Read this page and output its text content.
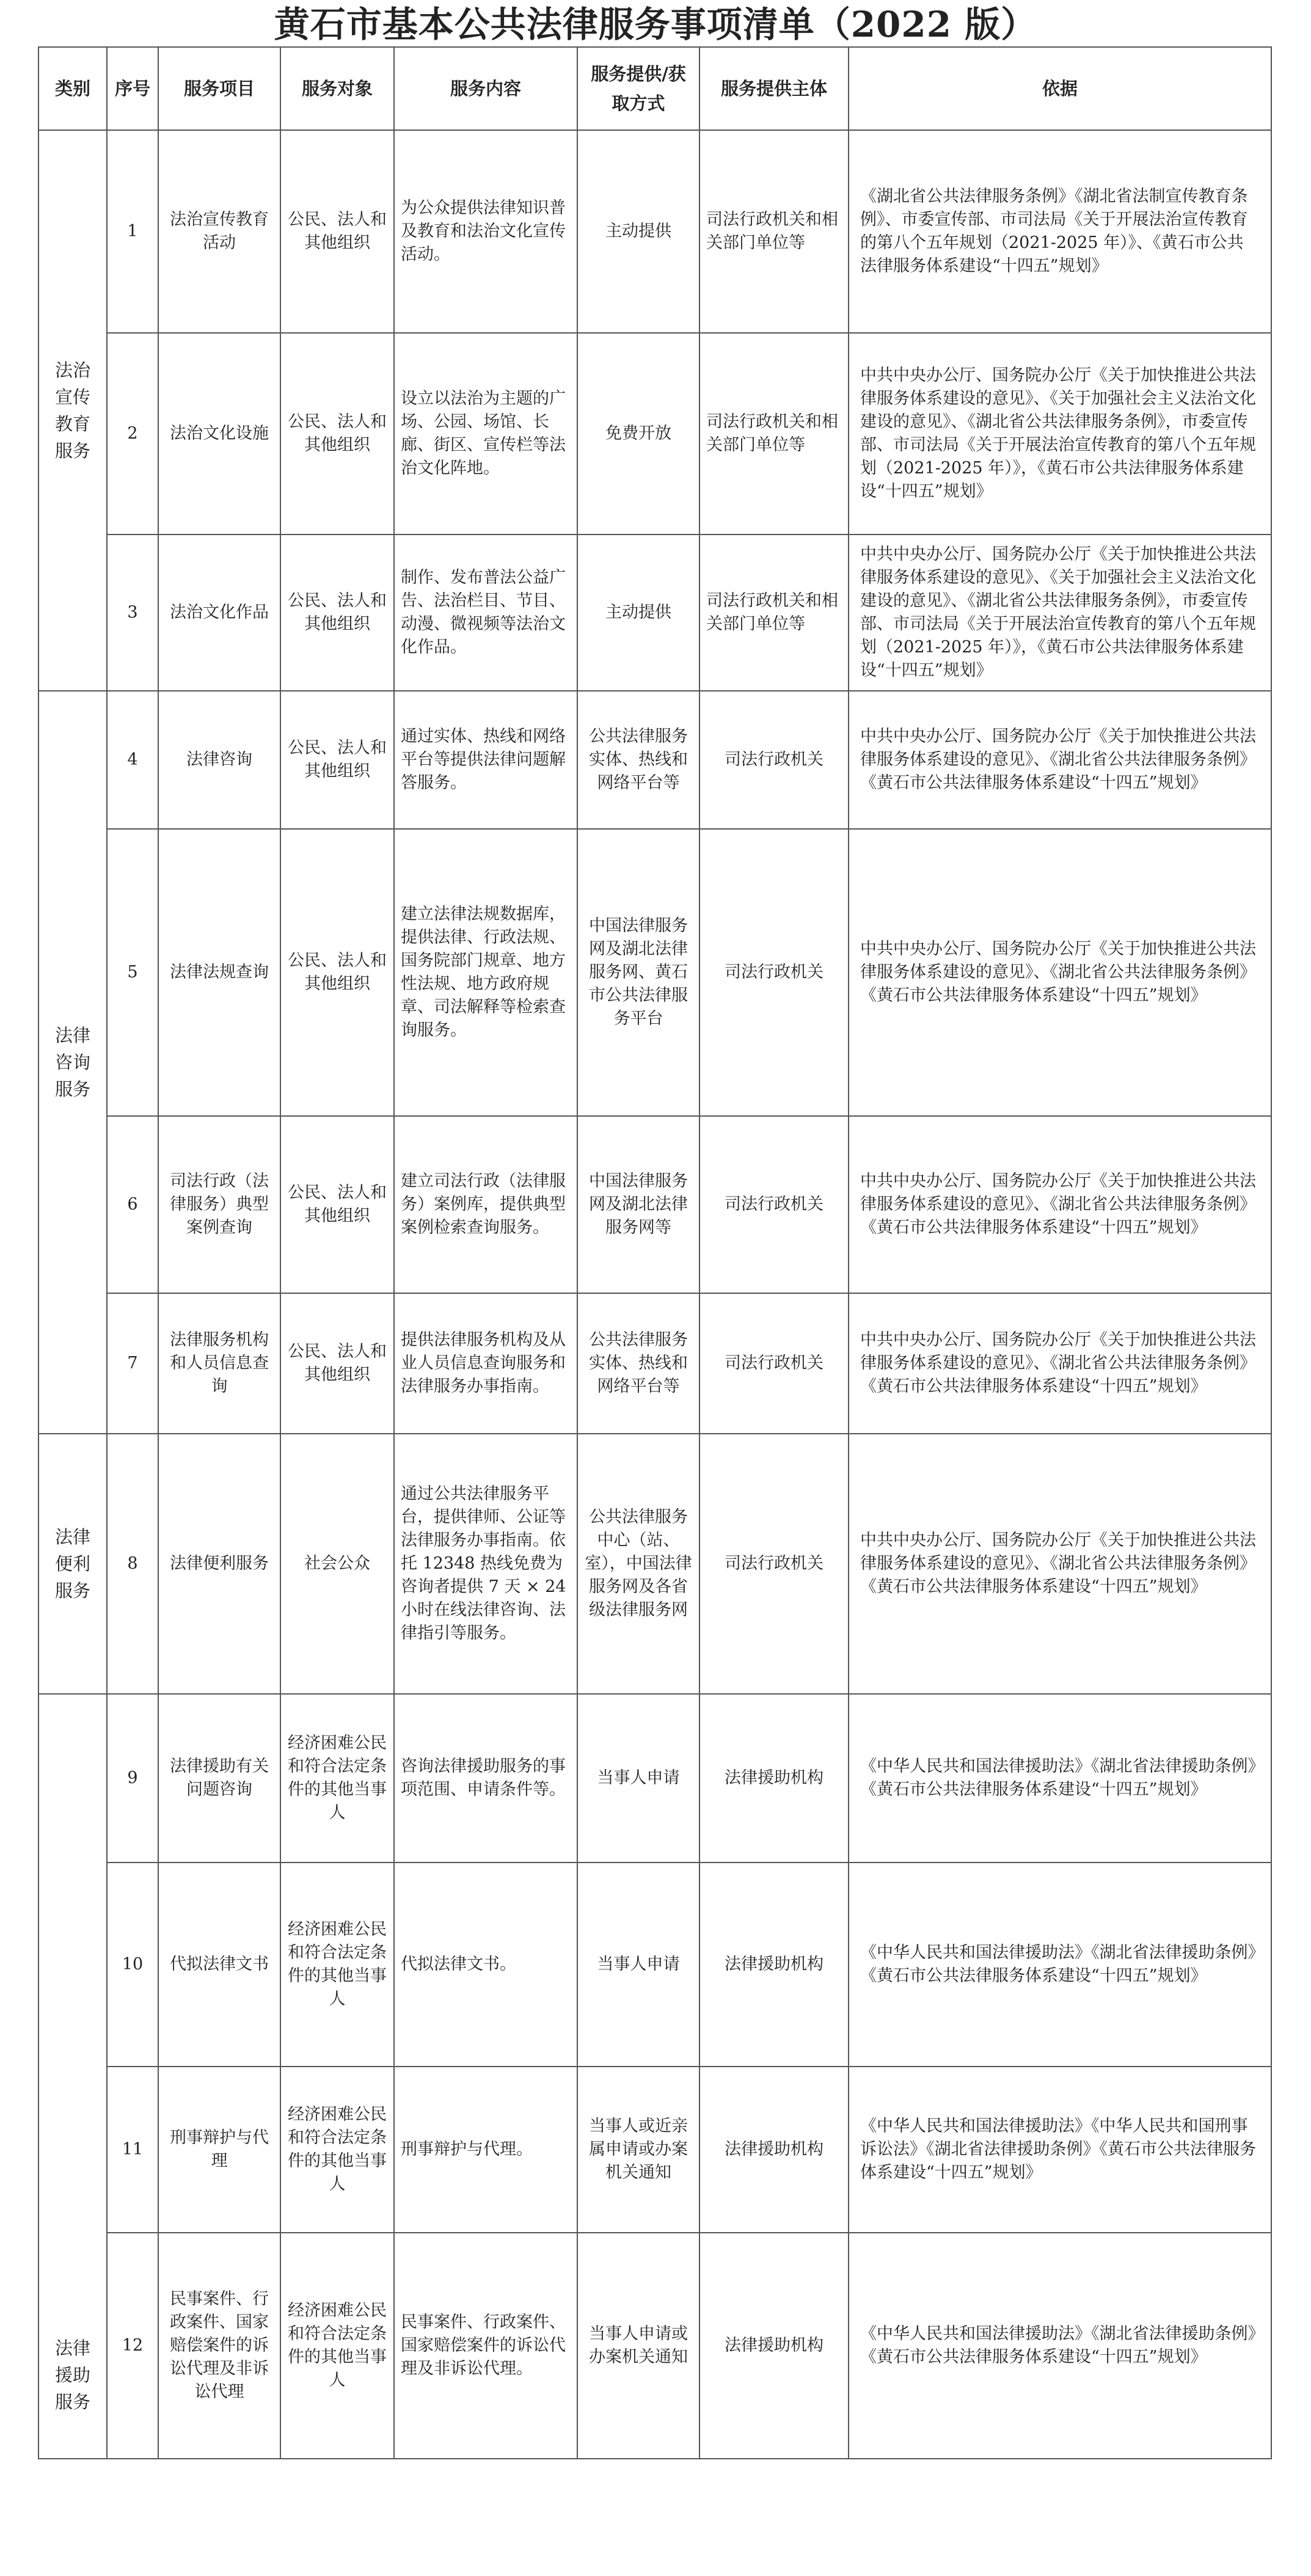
黄石市基本公共法律服务事项清单（2022 版）
类别	序号	服务项目	服务对象	服务内容	服务提供/获取方式	服务提供主体	依据
法治宣传教育服务	1	法治宣传教育活动	公民、法人和其他组织	为公众提供法律知识普及教育和法治文化宣传活动。	主动提供	司法行政机关和相关部门单位等	《湖北省公共法律服务条例》《湖北省法制宣传教育条例》、市委宣传部、市司法局《关于开展法治宣传教育的第八个五年规划（2021-2025 年）》、《黄石市公共法律服务体系建设“十四五”规划》
	2	法治文化设施	公民、法人和其他组织	设立以法治为主题的广场、公园、场馆、长廊、街区、宣传栏等法治文化阵地。	免费开放	司法行政机关和相关部门单位等	中共中央办公厅、国务院办公厅《关于加快推进公共法律服务体系建设的意见》、《关于加强社会主义法治文化建设的意见》、《湖北省公共法律服务条例》，市委宣传部、市司法局《关于开展法治宣传教育的第八个五年规划（2021-2025 年）》，《黄石市公共法律服务体系建设“十四五”规划》
	3	法治文化作品	公民、法人和其他组织	制作、发布普法公益广告、法治栏目、节目、动漫、微视频等法治文化作品。	主动提供	司法行政机关和相关部门单位等	中共中央办公厅、国务院办公厅《关于加快推进公共法律服务体系建设的意见》、《关于加强社会主义法治文化建设的意见》、《湖北省公共法律服务条例》，市委宣传部、市司法局《关于开展法治宣传教育的第八个五年规划（2021-2025 年）》，《黄石市公共法律服务体系建设“十四五”规划》
法律咨询服务	4	法律咨询	公民、法人和其他组织	通过实体、热线和网络平台等提供法律问题解答服务。	公共法律服务实体、热线和网络平台等	司法行政机关	中共中央办公厅、国务院办公厅《关于加快推进公共法律服务体系建设的意见》、《湖北省公共法律服务条例》《黄石市公共法律服务体系建设“十四五”规划》
	5	法律法规查询	公民、法人和其他组织	建立法律法规数据库，提供法律、行政法规、国务院部门规章、地方性法规、地方政府规章、司法解释等检索查询服务。	中国法律服务网及湖北法律服务网、黄石市公共法律服务平台	司法行政机关	中共中央办公厅、国务院办公厅《关于加快推进公共法律服务体系建设的意见》、《湖北省公共法律服务条例》《黄石市公共法律服务体系建设“十四五”规划》
	6	司法行政（法律服务）典型案例查询	公民、法人和其他组织	建立司法行政（法律服务）案例库，提供典型案例检索查询服务。	中国法律服务网及湖北法律服务网等	司法行政机关	中共中央办公厅、国务院办公厅《关于加快推进公共法律服务体系建设的意见》、《湖北省公共法律服务条例》《黄石市公共法律服务体系建设“十四五”规划》
	7	法律服务机构和人员信息查询	公民、法人和其他组织	提供法律服务机构及从业人员信息查询服务和法律服务办事指南。	公共法律服务实体、热线和网络平台等	司法行政机关	中共中央办公厅、国务院办公厅《关于加快推进公共法律服务体系建设的意见》、《湖北省公共法律服务条例》《黄石市公共法律服务体系建设“十四五”规划》
法律便利服务	8	法律便利服务	社会公众	通过公共法律服务平台，提供律师、公证等法律服务办事指南。依托 12348 热线免费为咨询者提供 7 天 × 24 小时在线法律咨询、法律指引等服务。	公共法律服务中心（站、室），中国法律服务网及各省级法律服务网	司法行政机关	中共中央办公厅、国务院办公厅《关于加快推进公共法律服务体系建设的意见》、《湖北省公共法律服务条例》《黄石市公共法律服务体系建设“十四五”规划》
法律援助服务	9	法律援助有关问题咨询	经济困难公民和符合法定条件的其他当事人	咨询法律援助服务的事项范围、申请条件等。	当事人申请	法律援助机构	《中华人民共和国法律援助法》《湖北省法律援助条例》《黄石市公共法律服务体系建设“十四五”规划》
	10	代拟法律文书	经济困难公民和符合法定条件的其他当事人	代拟法律文书。	当事人申请	法律援助机构	《中华人民共和国法律援助法》《湖北省法律援助条例》《黄石市公共法律服务体系建设“十四五”规划》
	11	刑事辩护与代理	经济困难公民和符合法定条件的其他当事人	刑事辩护与代理。	当事人或近亲属申请或办案机关通知	法律援助机构	《中华人民共和国法律援助法》《中华人民共和国刑事诉讼法》《湖北省法律援助条例》《黄石市公共法律服务体系建设“十四五”规划》
	12	民事案件、行政案件、国家赔偿案件的诉讼代理及非诉讼代理	经济困难公民和符合法定条件的其他当事人	民事案件、行政案件、国家赔偿案件的诉讼代理及非诉讼代理。	当事人申请或办案机关通知	法律援助机构	《中华人民共和国法律援助法》《湖北省法律援助条例》《黄石市公共法律服务体系建设“十四五”规划》
